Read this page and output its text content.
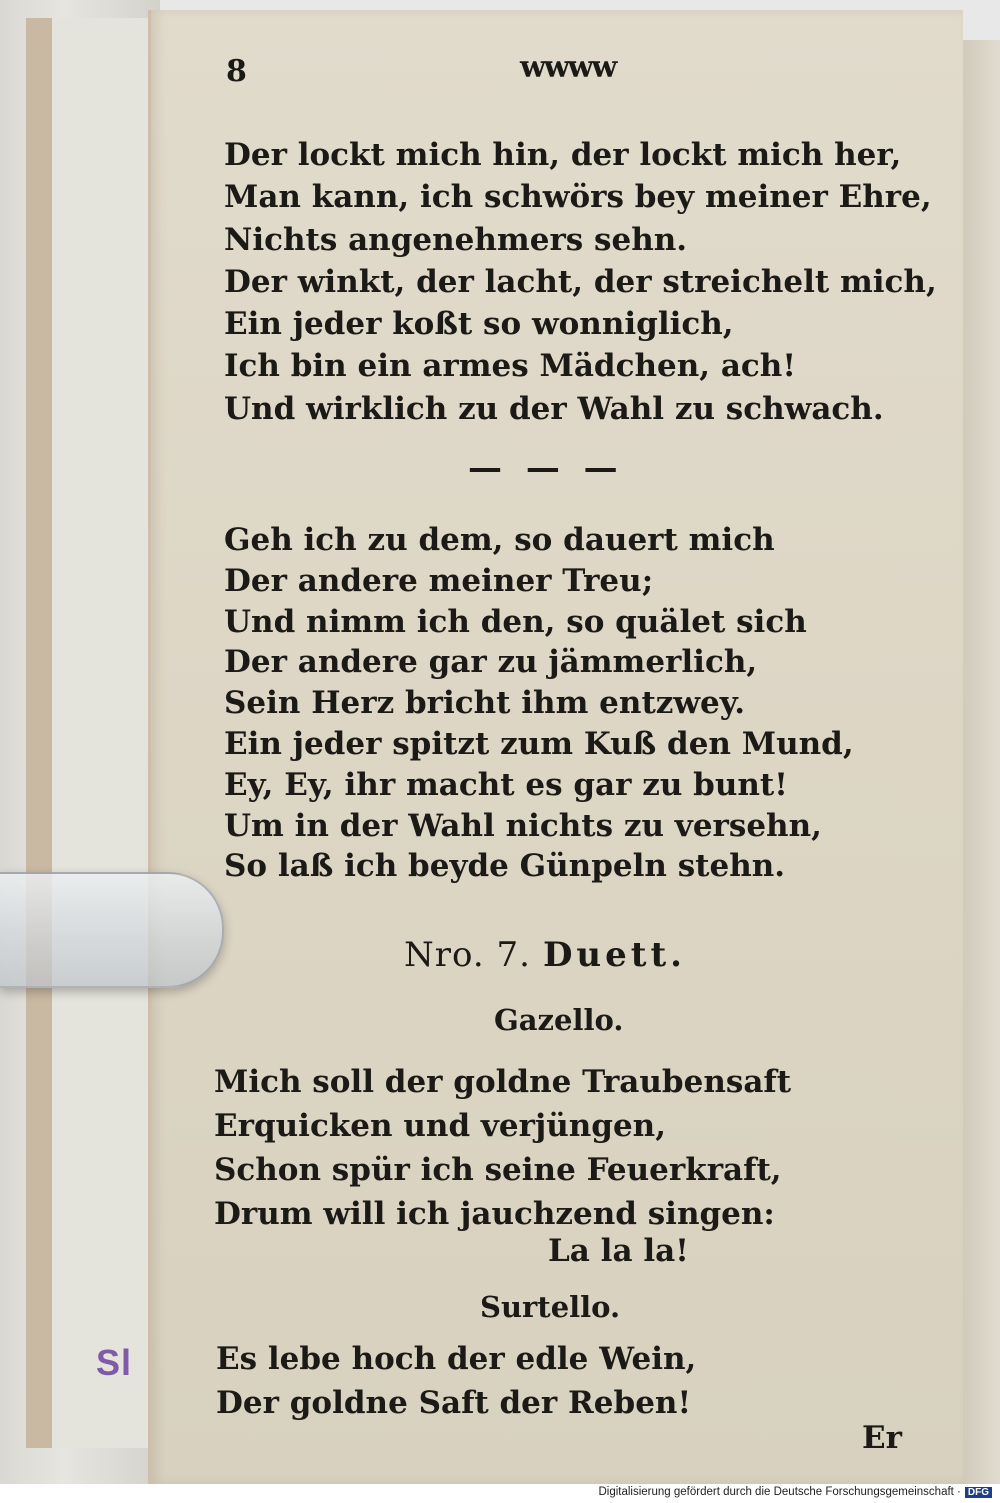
Sl
8	ᴡᴡᴡᴡ
Der lockt mich hin, der lockt mich her,
Man kann, ich schwörs bey meiner Ehre,
Nichts angenehmers sehn.
Der winkt, der lacht, der streichelt mich,
Ein jeder koßt so wonniglich,
Ich bin ein armes Mädchen, ach!
Und wirklich zu der Wahl zu schwach.
— — —
Geh ich zu dem, so dauert mich
Der andere meiner Treu;
Und nimm ich den, so quälet sich
Der andere gar zu jämmerlich,
Sein Herz bricht ihm entzwey.
Ein jeder spitzt zum Kuß den Mund,
Ey, Ey, ihr macht es gar zu bunt!
Um in der Wahl nichts zu versehn,
So laß ich beyde Günpeln stehn.
Nro. 7. Duett.
Gazello.
Mich soll der goldne Traubensaft
Erquicken und verjüngen,
Schon spür ich seine Feuerkraft,
Drum will ich jauchzend singen:
La la la!
Surtello.
Es lebe hoch der edle Wein,
Der goldne Saft der Reben!
Er
Digitalisierung gefördert durch die Deutsche Forschungsgemeinschaft · DFG
